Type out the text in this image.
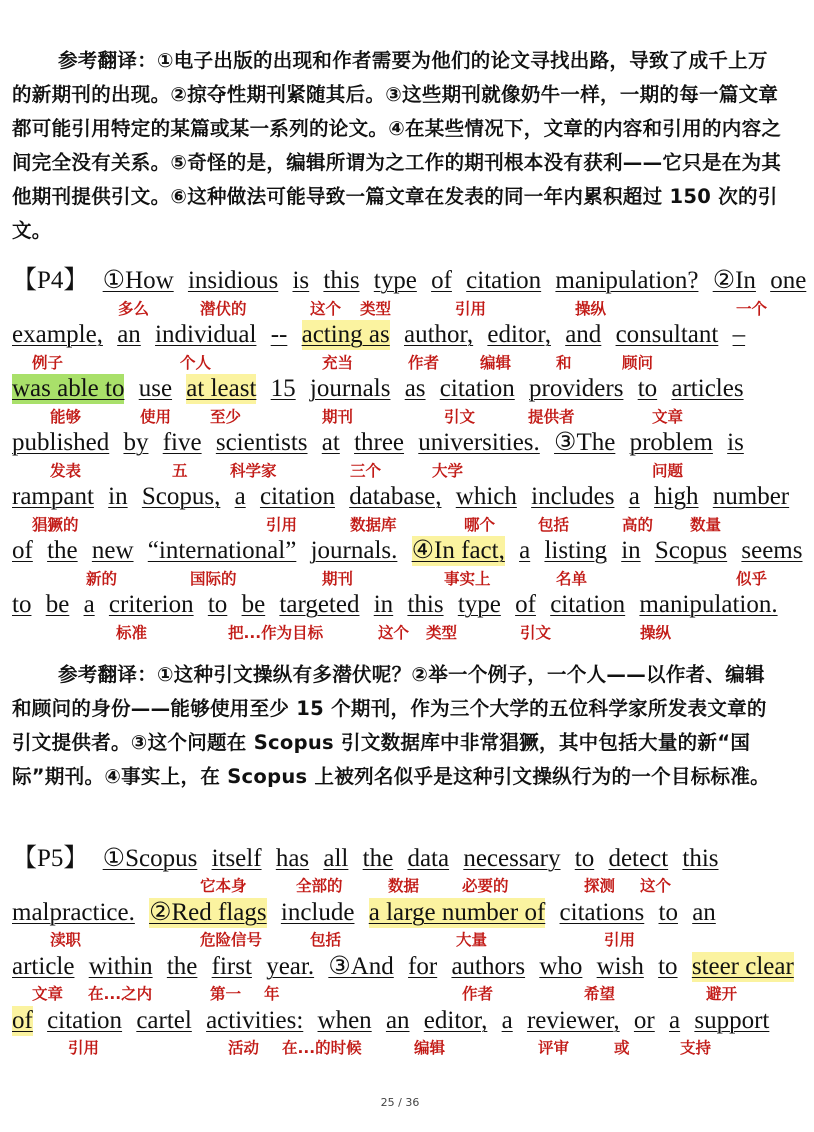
参考翻译：①电子出版的出现和作者需要为他们的论文寻找出路，导致了成千上万的新期刊的出现。②掠夺性期刊紧随其后。③这些期刊就像奶牛一样，一期的每一篇文章都可能引用特定的某篇或某一系列的论文。④在某些情况下，文章的内容和引用的内容之间完全没有关系。⑤奇怪的是，编辑所谓为之工作的期刊根本没有获利——它只是在为其他期刊提供引文。⑥这种做法可能导致一篇文章在发表的同一年内累积超过 150 次的引文。

【P4】 ①How insidious is this type of citation manipulation? ②In one
多么	潜伏的	这个 类型	引用	操纵	一个
example, an individual -- acting as author, editor, and consultant –
例子	个人	充当	作者	编辑	和	顾问
was able to use at least 15 journals as citation providers to articles
能够	使用	至少	期刊	引文	提供者	文章
published by five scientists at three universities. ③The problem is
发表	五	科学家	三个	大学	问题
rampant in Scopus, a citation database, which includes a high number
猖獗的	引用	数据库	哪个	包括	高的 数量
of the new “international” journals. ④In fact, a listing in Scopus seems
新的	国际的	期刊	事实上	名单	似乎
to be a criterion to be targeted in this type of citation manipulation.
标准	把...作为目标	这个 类型	引文	操纵

参考翻译：①这种引文操纵有多潜伏呢？②举一个例子，一个人——以作者、编辑和顾问的身份——能够使用至少 15 个期刊，作为三个大学的五位科学家所发表文章的引文提供者。③这个问题在 Scopus 引文数据库中非常猖獗，其中包括大量的新“国际”期刊。④事实上，在 Scopus 上被列名似乎是这种引文操纵行为的一个目标标准。

【P5】 ①Scopus itself has all the data necessary to detect this
它本身	全部的	数据	必要的	探测 这个
malpractice. ②Red flags include a large number of citations to an
渎职	危险信号	包括	大量	引用
article within the first year. ③And for authors who wish to steer clear
文章 在...之内	第一 年	作者	希望	避开
of citation cartel activities: when an editor, a reviewer, or a support
引用	活动 在...的时候	编辑	评审	或	支持
25 / 36
